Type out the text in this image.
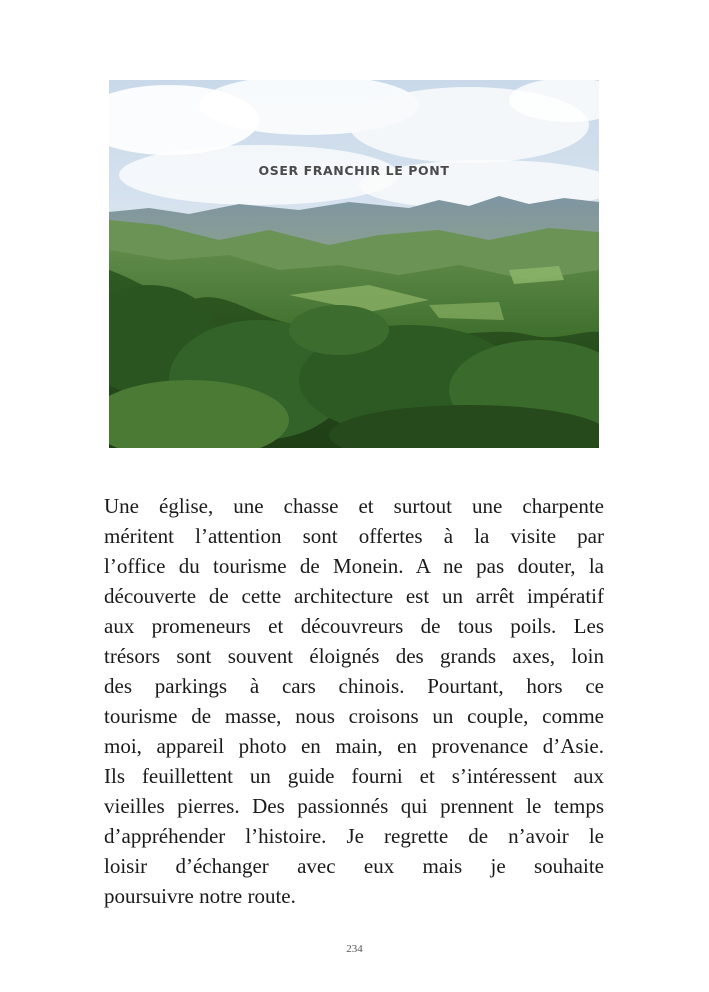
OSER FRANCHIR LE PONT
Une église, une chasse et surtout une charpente
méritent l’attention sont offertes à la visite par
l’office du tourisme de Monein. A ne pas douter, la
découverte de cette architecture est un arrêt impératif
aux promeneurs et découvreurs de tous poils. Les
trésors sont souvent éloignés des grands axes, loin
des parkings à cars chinois. Pourtant, hors ce
tourisme de masse, nous croisons un couple, comme
moi, appareil photo en main, en provenance d’Asie.
Ils feuillettent un guide fourni et s’intéressent aux
vieilles pierres. Des passionnés qui prennent le temps
d’appréhender l’histoire. Je regrette de n’avoir le
loisir d’échanger avec eux mais je souhaite
poursuivre notre route.
234
